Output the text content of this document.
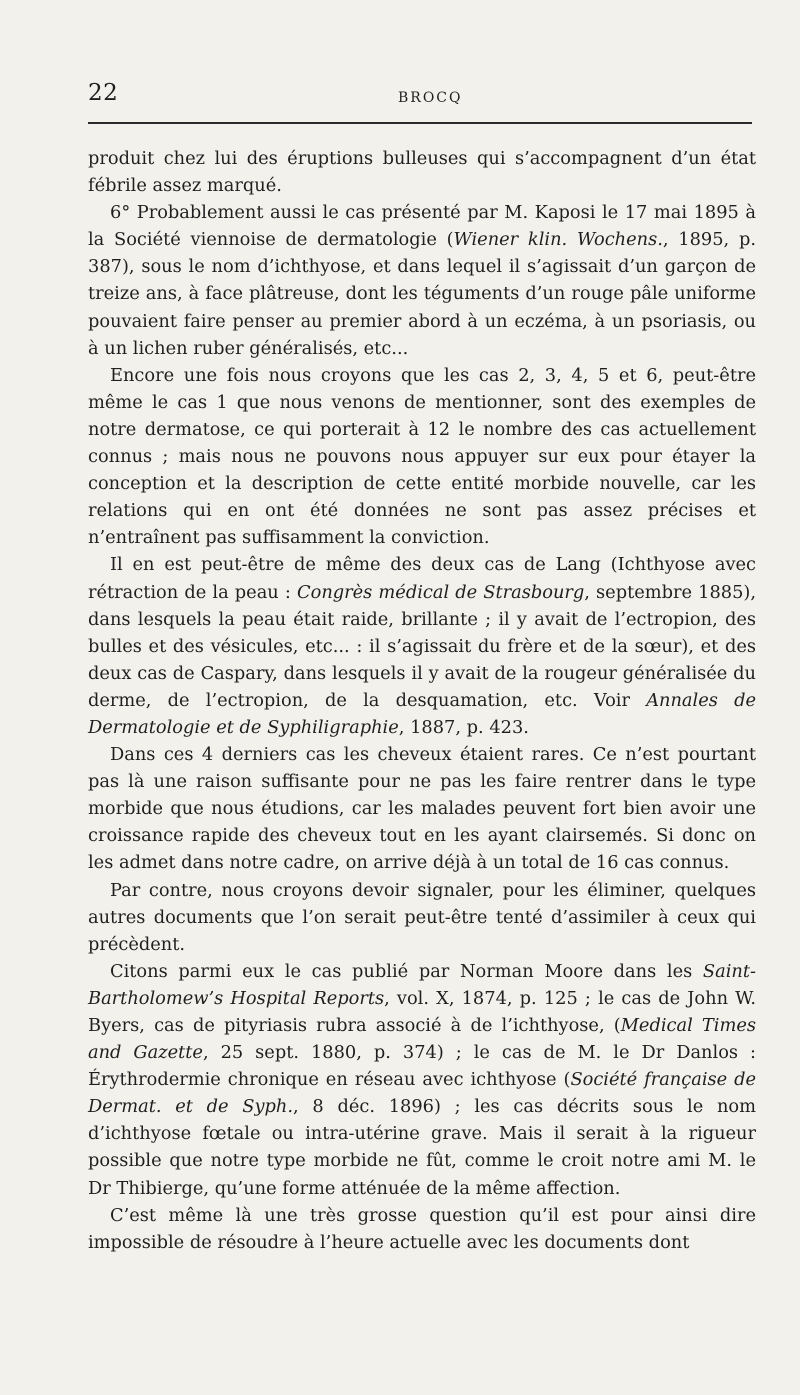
22	BROCQ

produit chez lui des éruptions bulleuses qui s’accompagnent d’un état fébrile assez marqué.

6° Probablement aussi le cas présenté par M. Kaposi le 17 mai 1895 à la Société viennoise de dermatologie (Wiener klin. Wochens., 1895, p. 387), sous le nom d’ichthyose, et dans lequel il s’agissait d’un garçon de treize ans, à face plâtreuse, dont les téguments d’un rouge pâle uniforme pouvaient faire penser au premier abord à un eczéma, à un psoriasis, ou à un lichen ruber généralisés, etc...

Encore une fois nous croyons que les cas 2, 3, 4, 5 et 6, peut-être même le cas 1 que nous venons de mentionner, sont des exemples de notre dermatose, ce qui porterait à 12 le nombre des cas actuellement connus ; mais nous ne pouvons nous appuyer sur eux pour étayer la conception et la description de cette entité morbide nouvelle, car les relations qui en ont été données ne sont pas assez précises et n’entraînent pas suffisamment la conviction.

Il en est peut-être de même des deux cas de Lang (Ichthyose avec rétraction de la peau : Congrès médical de Strasbourg, septembre 1885), dans lesquels la peau était raide, brillante ; il y avait de l’ectropion, des bulles et des vésicules, etc... : il s’agissait du frère et de la sœur), et des deux cas de Caspary, dans lesquels il y avait de la rougeur généralisée du derme, de l’ectropion, de la desquamation, etc. Voir Annales de Dermatologie et de Syphiligraphie, 1887, p. 423.

Dans ces 4 derniers cas les cheveux étaient rares. Ce n’est pourtant pas là une raison suffisante pour ne pas les faire rentrer dans le type morbide que nous étudions, car les malades peuvent fort bien avoir une croissance rapide des cheveux tout en les ayant clairsemés. Si donc on les admet dans notre cadre, on arrive déjà à un total de 16 cas connus.

Par contre, nous croyons devoir signaler, pour les éliminer, quelques autres documents que l’on serait peut-être tenté d’assimiler à ceux qui précèdent.

Citons parmi eux le cas publié par Norman Moore dans les Saint-Bartholomew’s Hospital Reports, vol. X, 1874, p. 125 ; le cas de John W. Byers, cas de pityriasis rubra associé à de l’ichthyose, (Medical Times and Gazette, 25 sept. 1880, p. 374) ; le cas de M. le Dr Danlos : Érythrodermie chronique en réseau avec ichthyose (Société française de Dermat. et de Syph., 8 déc. 1896) ; les cas décrits sous le nom d’ichthyose fœtale ou intra-utérine grave. Mais il serait à la rigueur possible que notre type morbide ne fût, comme le croit notre ami M. le Dr Thibierge, qu’une forme atténuée de la même affection.

C’est même là une très grosse question qu’il est pour ainsi dire impossible de résoudre à l’heure actuelle avec les documents dont
